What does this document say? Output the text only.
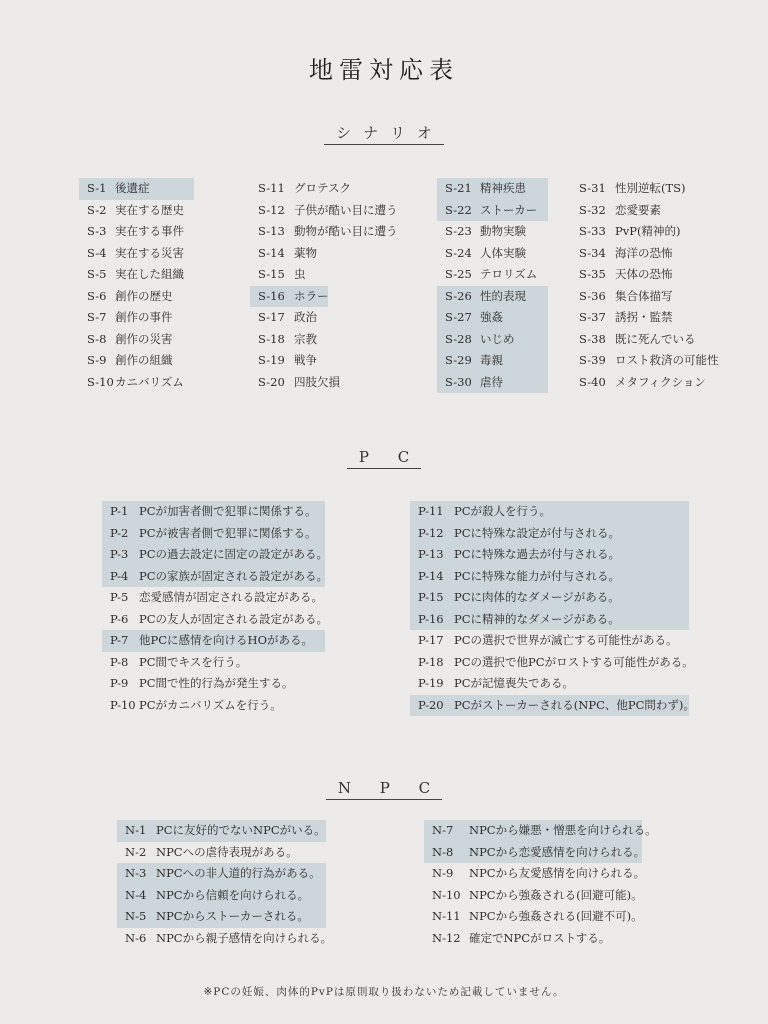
地雷対応表
シナリオ
P C
N P C
S-1 後遺症
S-2 実在する歴史
S-3 実在する事件
S-4 実在する災害
S-5 実在した組織
S-6 創作の歴史
S-7 創作の事件
S-8 創作の災害
S-9 創作の組織
S-10カニバリズム
S-11 グロテスク
S-12 子供が酷い目に遭う
S-13 動物が酷い目に遭う
S-14 薬物
S-15 虫
S-16 ホラー
S-17 政治
S-18 宗教
S-19 戦争
S-20 四肢欠損
S-21 精神疾患
S-22 ストーカー
S-23 動物実験
S-24 人体実験
S-25 テロリズム
S-26 性的表現
S-27 強姦
S-28 いじめ
S-29 毒親
S-30 虐待
S-31 性別逆転(TS)
S-32 恋愛要素
S-33 PvP(精神的)
S-34 海洋の恐怖
S-35 天体の恐怖
S-36 集合体描写
S-37 誘拐・監禁
S-38 既に死んでいる
S-39 ロスト救済の可能性
S-40 メタフィクション
P-1 PCが加害者側で犯罪に関係する。
P-2 PCが被害者側で犯罪に関係する。
P-3 PCの過去設定に固定の設定がある。
P-4 PCの家族が固定される設定がある。
P-5 恋愛感情が固定される設定がある。
P-6 PCの友人が固定される設定がある。
P-7 他PCに感情を向けるHOがある。
P-8 PC間でキスを行う。
P-9 PC間で性的行為が発生する。
P-10 PCがカニバリズムを行う。
P-11 PCが殺人を行う。
P-12 PCに特殊な設定が付与される。
P-13 PCに特殊な過去が付与される。
P-14 PCに特殊な能力が付与される。
P-15 PCに肉体的なダメージがある。
P-16 PCに精神的なダメージがある。
P-17 PCの選択で世界が滅亡する可能性がある。
P-18 PCの選択で他PCがロストする可能性がある。
P-19 PCが記憶喪失である。
P-20 PCがストーカーされる(NPC、他PC問わず)。
N-1 PCに友好的でないNPCがいる。
N-2 NPCへの虐待表現がある。
N-3 NPCへの非人道的行為がある。
N-4 NPCから信頼を向けられる。
N-5 NPCからストーカーされる。
N-6 NPCから親子感情を向けられる。
N-7 NPCから嫌悪・憎悪を向けられる。
N-8 NPCから恋愛感情を向けられる。
N-9 NPCから友愛感情を向けられる。
N-10 NPCから強姦される(回避可能)。
N-11 NPCから強姦される(回避不可)。
N-12 確定でNPCがロストする。
※PCの妊娠、肉体的PvPは原則取り扱わないため記載していません。
